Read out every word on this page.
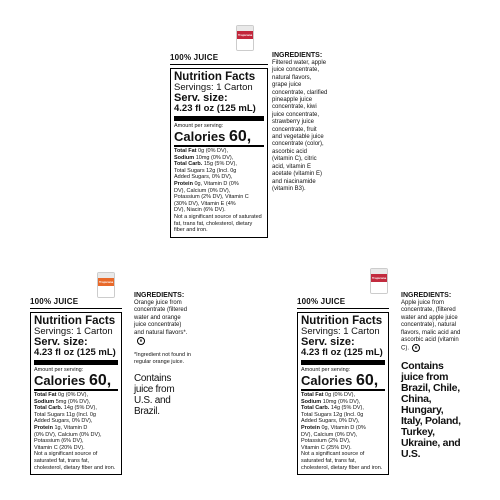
Tropicana
Tropicana
Tropicana
100% JUICE
Nutrition Facts
Servings: 1 Carton
Serv. size:
4.23 fl oz (125 mL)
Amount per serving:
Calories 60,
Total Fat 0g (0% DV),
Sodium 10mg (0% DV),
Total Carb. 15g (5% DV),
Total Sugars 12g (Incl. 0g
Added Sugars, 0% DV),
Protein 0g, Vitamin D (0%
DV), Calcium (0% DV),
Potassium (2% DV), Vitamin C
(30% DV), Vitamin E (4%
DV), Niacin (6% DV).
Not a significant source of saturated fat, trans fat, cholesterol, dietary fiber and iron.
INGREDIENTS:
Filtered water, apple juice concentrate, natural flavors, grape juice concentrate, clarified pineapple juice concentrate, kiwi juice concentrate, strawberry juice concentrate, fruit and vegetable juice concentrate (color), ascorbic acid (vitamin C), citric acid, vitamin E acetate (vitamin E) and niacinamide (vitamin B3).
100% JUICE
Nutrition Facts
Servings: 1 Carton
Serv. size:
4.23 fl oz (125 mL)
Amount per serving:
Calories 60,
Total Fat 0g (0% DV),
Sodium 5mg (0% DV),
Total Carb. 14g (5% DV),
Total Sugars 11g (Incl. 0g
Added Sugars, 0% DV),
Protein 1g, Vitamin D
(0% DV), Calcium (0% DV),
Potassium (6% DV),
Vitamin C (20% DV).
Not a significant source of saturated fat, trans fat, cholesterol, dietary fiber and iron.
INGREDIENTS:
Orange juice from concentrate (filtered water and orange juice concentrate) and natural flavors*.R
*Ingredient not found in regular orange juice.
Contains juice from U.S. and Brazil.
100% JUICE
Nutrition Facts
Servings: 1 Carton
Serv. size:
4.23 fl oz (125 mL)
Amount per serving:
Calories 60,
Total Fat 0g (0% DV),
Sodium 10mg (0% DV),
Total Carb. 14g (5% DV),
Total Sugars 12g (Incl. 0g
Added Sugars, 0% DV),
Protein 0g, Vitamin D (0%
DV), Calcium (0% DV),
Potassium (2% DV),
Vitamin C (25% DV).
Not a significant source of saturated fat, trans fat, cholesterol, dietary fiber and iron.
INGREDIENTS:
Apple juice from concentrate, (filtered water and apple juice concentrate), natural flavors, malic acid and ascorbic acid (vitamin C). R
Contains juice from Brazil, Chile, China, Hungary, Italy, Poland, Turkey, Ukraine, and U.S.
